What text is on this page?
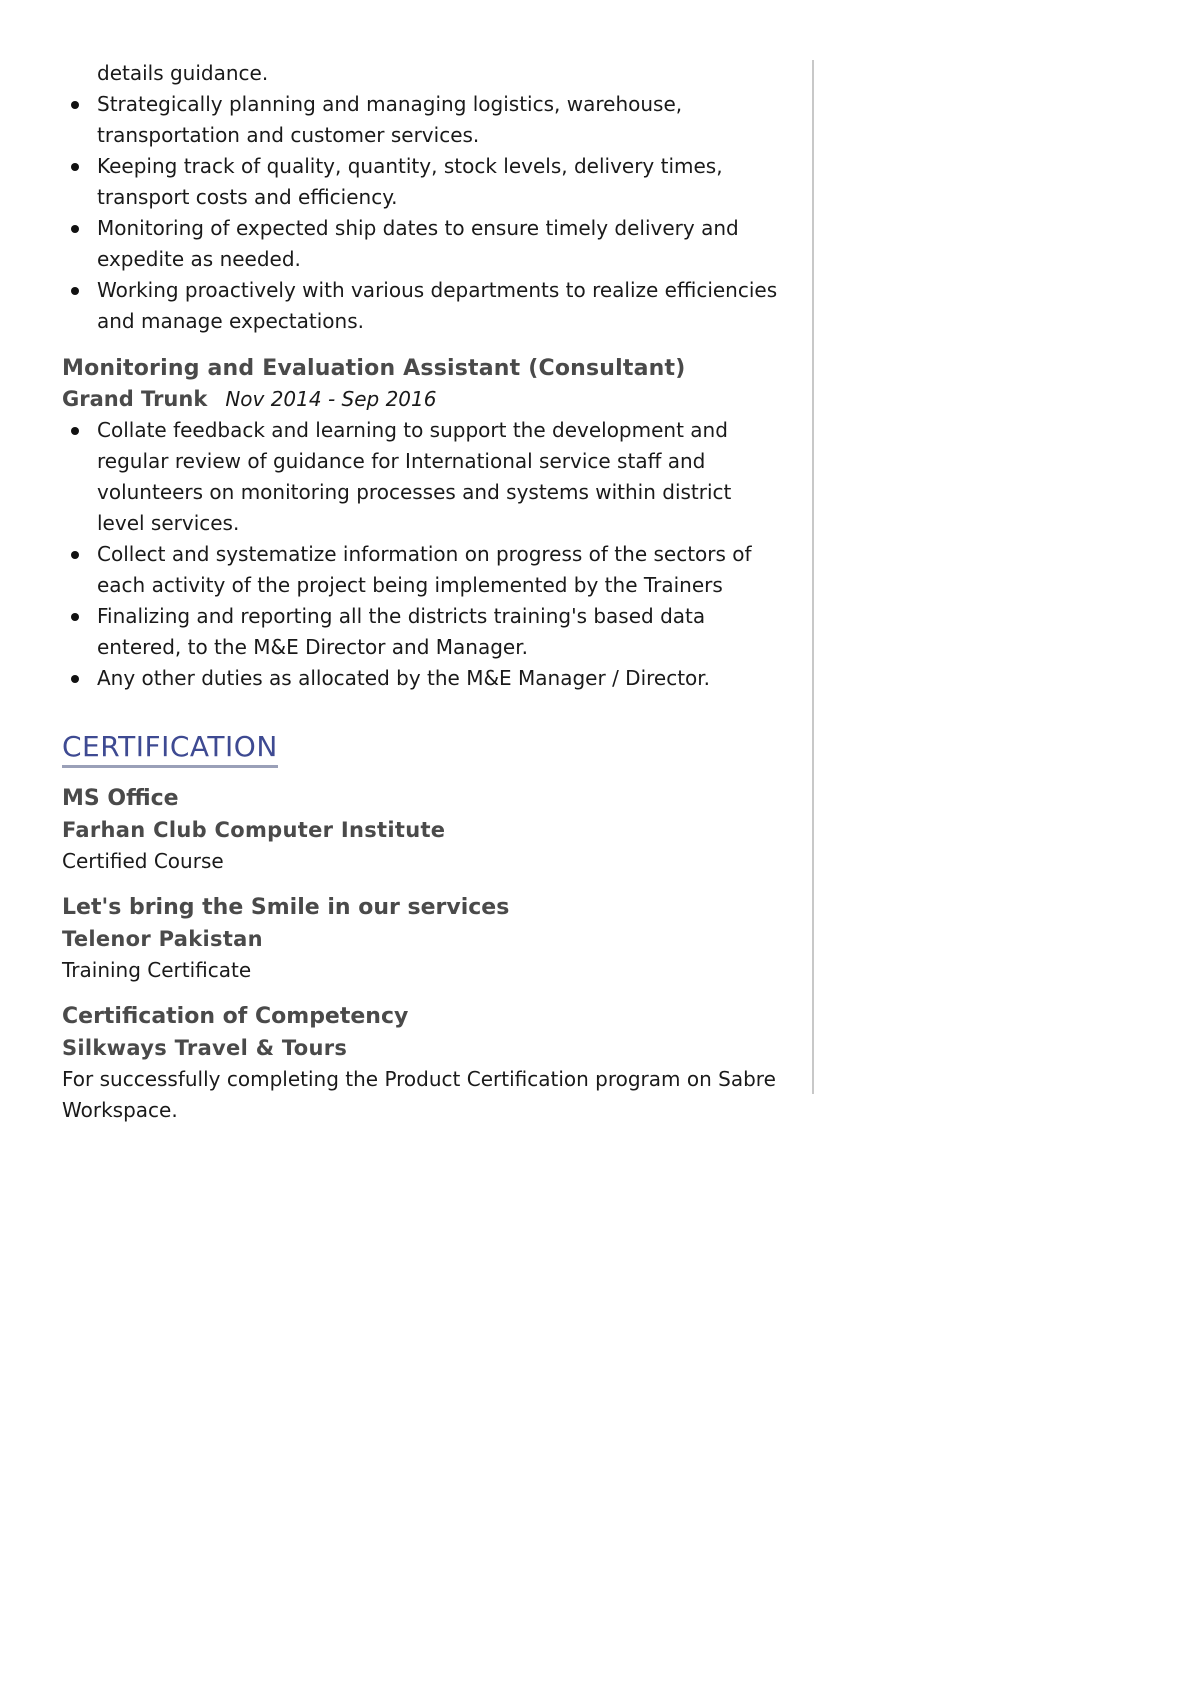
details guidance.

Strategically planning and managing logistics, warehouse, transportation and customer services.
Keeping track of quality, quantity, stock levels, delivery times, transport costs and efficiency.
Monitoring of expected ship dates to ensure timely delivery and expedite as needed.
Working proactively with various departments to realize efficiencies and manage expectations.
Monitoring and Evaluation Assistant (Consultant)
Grand Trunk Nov 2014 - Sep 2016
Collate feedback and learning to support the development and regular review of guidance for International service staff and volunteers on monitoring processes and systems within district level services.
Collect and systematize information on progress of the sectors of each activity of the project being implemented by the Trainers
Finalizing and reporting all the districts training's based data entered, to the M&E Director and Manager.
Any other duties as allocated by the M&E Manager / Director.
CERTIFICATION
MS Office
Farhan Club Computer Institute
Certified Course
Let's bring the Smile in our services
Telenor Pakistan
Training Certificate
Certification of Competency
Silkways Travel & Tours
For successfully completing the Product Certification program on Sabre Workspace.
